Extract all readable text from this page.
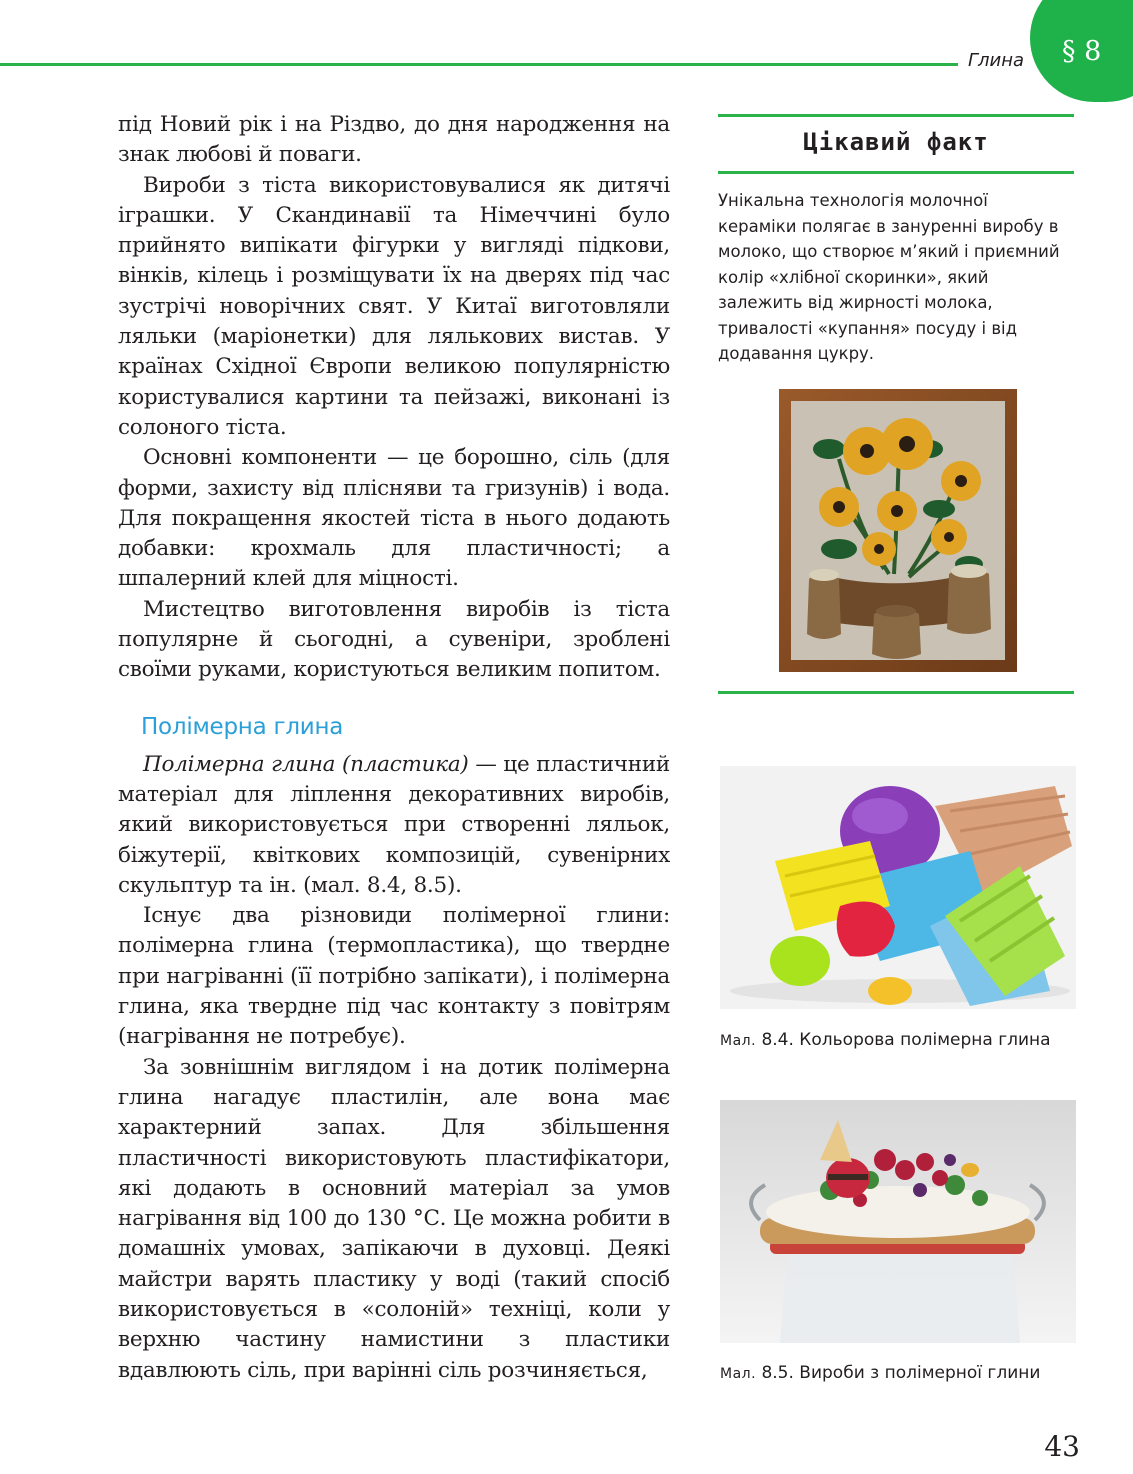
Глина § 8

під Новий рік і на Різдво, до дня народження на знак любові й поваги.

Вироби з тіста використовувалися як дитячі іграшки. У Скандинавії та Німеччині було прийнято випікати фігурки у вигляді підкови, вінків, кілець і розміщувати їх на дверях під час зустрічі новорічних свят. У Китаї виготовляли ляльки (маріонетки) для лялькових вистав. У країнах Східної Європи великою популярністю користувалися картини та пейзажі, виконані із солоного тіста.

Основні компоненти — це борошно, сіль (для форми, захисту від плісняви та гризунів) і вода. Для покращення якостей тіста в нього додають добавки: крохмаль для пластичності; а шпалерний клей для міцності.

Мистецтво виготовлення виробів із тіста популярне й сьогодні, а сувеніри, зроблені своїми руками, користуються великим попитом.

Полімерна глина

Полімерна глина (пластика) — це пластичний матеріал для ліплення декоративних виробів, який використовується при створенні ляльок, біжутерії, квіткових композицій, сувенірних скульптур та ін. (мал. 8.4, 8.5).

Існує два різновиди полімерної глини: полімерна глина (термопластика), що твердне при нагріванні (її потрібно запікати), і полімерна глина, яка твердне під час контакту з повітрям (нагрівання не потребує).

За зовнішнім виглядом і на дотик полімерна глина нагадує пластилін, але вона має характерний запах. Для збільшення пластичності використовують пластифікатори, які додають в основний матеріал за умов нагрівання від 100 до 130 °С. Це можна робити в домашніх умовах, запікаючи в духовці. Деякі майстри варять пластику у воді (такий спосіб використовується в «солоній» техніці, коли у верхню частину намистини з пластики вдавлюють сіль, при варінні сіль розчиняється,

Цікавий факт
Унікальна технологія молочної кераміки полягає в зануренні виробу в молоко, що створює м’який і приємний колір «хлібної скоринки», який залежить від жирності молока, тривалості «купання» посуду і від додавання цукру.
Мал. 8.4. Кольорова полімерна глина
Мал. 8.5. Вироби з полімерної глини
43
